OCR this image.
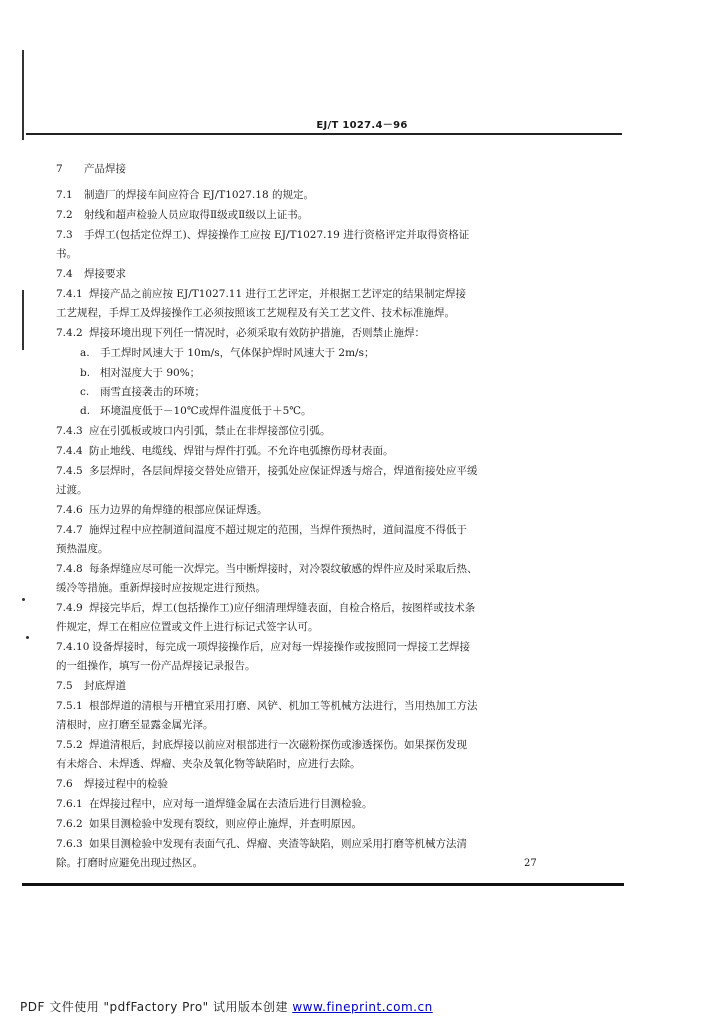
EJ/T 1027.4－96
7 产品焊接
7.1 制造厂的焊接车间应符合 EJ/T1027.18 的规定。
7.2 射线和超声检验人员应取得Ⅱ级或Ⅱ级以上证书。
7.3 手焊工(包括定位焊工)、焊接操作工应按 EJ/T1027.19 进行资格评定并取得资格证
书。
7.4 焊接要求
7.4.1 焊接产品之前应按 EJ/T1027.11 进行工艺评定，并根据工艺评定的结果制定焊接
工艺规程，手焊工及焊接操作工必须按照该工艺规程及有关工艺文件、技术标准施焊。
7.4.2 焊接环境出现下列任一情况时，必须采取有效防护措施，否则禁止施焊：
a. 手工焊时风速大于 10m/s，气体保护焊时风速大于 2m/s；
b. 相对湿度大于 90%；
c. 雨雪直接袭击的环境；
d. 环境温度低于－10℃或焊件温度低于＋5℃。
7.4.3 应在引弧板或坡口内引弧，禁止在非焊接部位引弧。
7.4.4 防止地线、电缆线、焊钳与焊件打弧。不允许电弧擦伤母材表面。
7.4.5 多层焊时，各层间焊接交替处应错开，接弧处应保证焊透与熔合，焊道衔接处应平缓
过渡。
7.4.6 压力边界的角焊缝的根部应保证焊透。
7.4.7 施焊过程中应控制道间温度不超过规定的范围，当焊件预热时，道间温度不得低于
预热温度。
7.4.8 每条焊缝应尽可能一次焊完。当中断焊接时，对冷裂纹敏感的焊件应及时采取后热、
缓冷等措施。重新焊接时应按规定进行预热。
7.4.9 焊接完毕后，焊工(包括操作工)应仔细清理焊缝表面，自检合格后，按图样或技术条
件规定，焊工在相应位置或文件上进行标记式签字认可。
7.4.10 设备焊接时，每完成一项焊接操作后，应对每一焊接操作或按照同一焊接工艺焊接
的一组操作，填写一份产品焊接记录报告。
7.5 封底焊道
7.5.1 根部焊道的清根与开槽宜采用打磨、风铲、机加工等机械方法进行，当用热加工方法
清根时，应打磨至显露金属光泽。
7.5.2 焊道清根后，封底焊接以前应对根部进行一次磁粉探伤或渗透探伤。如果探伤发现
有未熔合、未焊透、焊瘤、夹杂及氧化物等缺陷时，应进行去除。
7.6 焊接过程中的检验
7.6.1 在焊接过程中，应对每一道焊缝金属在去渣后进行目测检验。
7.6.2 如果目测检验中发现有裂纹，则应停止施焊，并查明原因。
7.6.3 如果目测检验中发现有表面气孔、焊瘤、夹渣等缺陷，则应采用打磨等机械方法清
除。打磨时应避免出现过热区。	27
PDF 文件使用 "pdfFactory Pro" 试用版本创建 www.fineprint.com.cn
